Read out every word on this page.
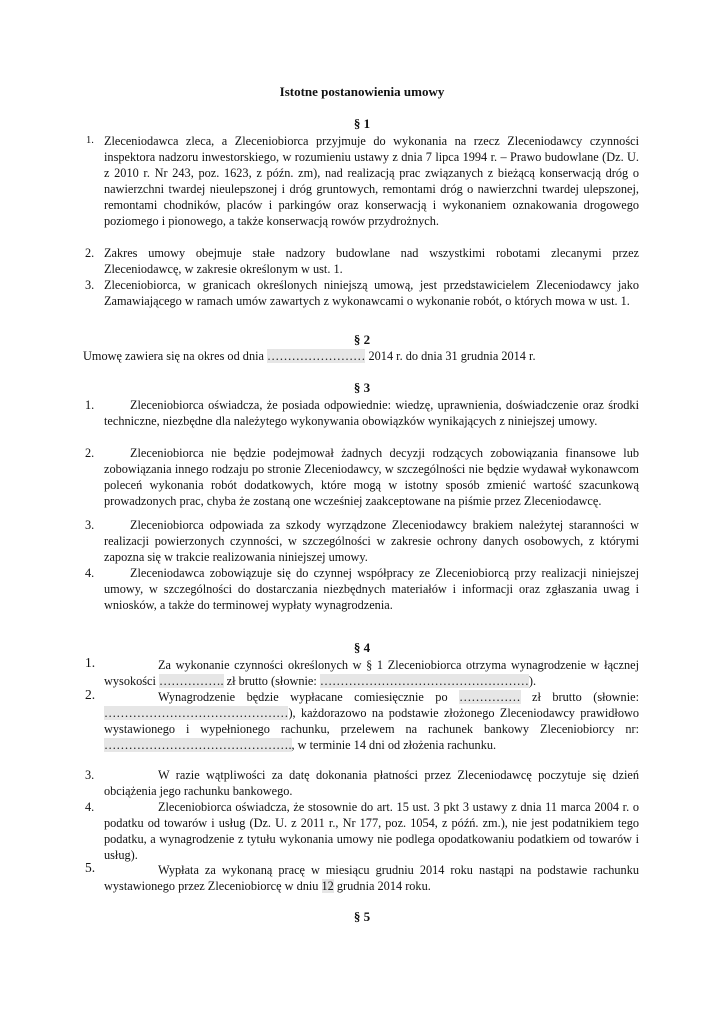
Istotne postanowienia umowy
§ 1
1. Zleceniodawca zleca, a Zleceniobiorca przyjmuje do wykonania na rzecz Zleceniodawcy czynności inspektora nadzoru inwestorskiego, w rozumieniu ustawy z dnia 7 lipca 1994 r. – Prawo budowlane (Dz. U. z 2010 r. Nr 243, poz. 1623, z późn. zm), nad realizacją prac związanych z bieżącą konserwacją dróg o nawierzchni twardej nieulepszonej i dróg gruntowych, remontami dróg o nawierzchni twardej ulepszonej, remontami chodników, placów i parkingów oraz konserwacją i wykonaniem oznakowania drogowego poziomego i pionowego, a także konserwacją rowów przydrożnych.
2. Zakres umowy obejmuje stałe nadzory budowlane nad wszystkimi robotami zlecanymi przez Zleceniodawcę, w zakresie określonym w ust. 1.
3. Zleceniobiorca, w granicach określonych niniejszą umową, jest przedstawicielem Zleceniodawcy jako Zamawiającego w ramach umów zawartych z wykonawcami o wykonanie robót, o których mowa w ust. 1.
§ 2
Umowę zawiera się na okres od dnia …………………… 2014 r. do dnia 31 grudnia 2014 r.
§ 3
1.	Zleceniobiorca oświadcza, że posiada odpowiednie: wiedzę, uprawnienia, doświadczenie oraz środki techniczne, niezbędne dla należytego wykonywania obowiązków wynikających z niniejszej umowy.
2.	Zleceniobiorca nie będzie podejmował żadnych decyzji rodzących zobowiązania finansowe lub zobowiązania innego rodzaju po stronie Zleceniodawcy, w szczególności nie będzie wydawał wykonawcom poleceń wykonania robót dodatkowych, które mogą w istotny sposób zmienić wartość szacunkową prowadzonych prac, chyba że zostaną one wcześniej zaakceptowane na piśmie przez Zleceniodawcę.
3.	Zleceniobiorca odpowiada za szkody wyrządzone Zleceniodawcy brakiem należytej staranności w realizacji powierzonych czynności, w szczególności w zakresie ochrony danych osobowych, z którymi zapozna się w trakcie realizowania niniejszej umowy.
4.	Zleceniodawca zobowiązuje się do czynnej współpracy ze Zleceniobiorcą przy realizacji niniejszej umowy, w szczególności do dostarczania niezbędnych materiałów i informacji oraz zgłaszania uwag i wniosków, a także do terminowej wypłaty wynagrodzenia.
§ 4
1.	Za wykonanie czynności określonych w § 1 Zleceniobiorca otrzyma wynagrodzenie w łącznej wysokości ……………. zł brutto (słownie: ……………………………………………).
2.	Wynagrodzenie będzie wypłacane comiesięcznie po …………… zł brutto (słownie: ………………………………………), każdorazowo na podstawie złożonego Zleceniodawcy prawidłowo wystawionego i wypełnionego rachunku, przelewem na rachunek bankowy Zleceniobiorcy nr: ………………………………………., w terminie 14 dni od złożenia rachunku.
3.	W razie wątpliwości za datę dokonania płatności przez Zleceniodawcę poczytuje się dzień obciążenia jego rachunku bankowego.
4.	Zleceniobiorca oświadcza, że stosownie do art. 15 ust. 3 pkt 3 ustawy z dnia 11 marca 2004 r. o podatku od towarów i usług (Dz. U. z 2011 r., Nr 177, poz. 1054, z późń. zm.), nie jest podatnikiem tego podatku, a wynagrodzenie z tytułu wykonania umowy nie podlega opodatkowaniu podatkiem od towarów i usług).
5.	Wypłata za wykonaną pracę w miesiącu grudniu 2014 roku nastąpi na podstawie rachunku wystawionego przez Zleceniobiorcę w dniu 12 grudnia 2014 roku.
§ 5
